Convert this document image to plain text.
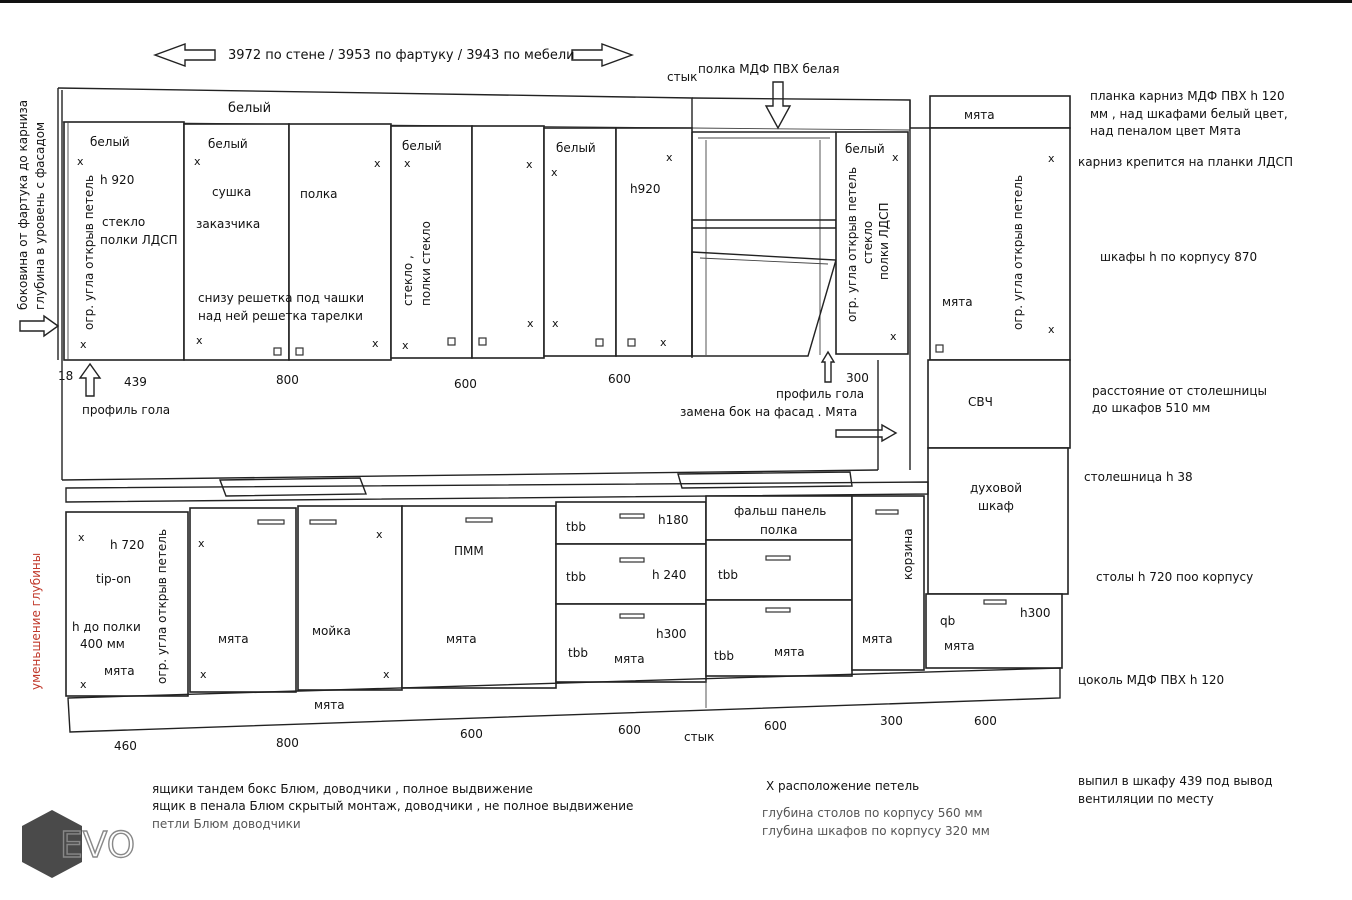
3972 по стене / 3953 по фартуку / 3943 по мебели
стык
полка МДФ ПВХ белая
боковина от фартука до карниза глубина в уровень с фасадом
уменьшение глубины
18
профиль гола
белый
белый
h 920
стекло
полки ЛДСП
огр. угла открыв петель
x
x
белый
сушка
заказчика
полка
снизу решетка под чашки
над ней решетка тарелки
x
x
x
x
белый
стекло , полки стекло
x
x
x
x
белый
h920
x
x
x
x
белый
огр. угла открыв петель стекло полки ЛДСП
x
x
мята
мята	огр. угла открыв петель
x
x
СВЧ
духовой
шкаф
qb
h300
мята
300
профиль гола
замена бок на фасад . Мята
439	800	600	600
h 720
tip-on
h до полки
400 мм
мята огр. угла открыв петель
x
x
мята
мойка
x
x
x
x
ПММ
мята
tbb	h180
tbb	h 240
tbb
h300
мята
фальш панель
полка
tbb
tbb	мята
корзина
мята
мята
460	800
600	600	стык
600	300	600
планка карниз МДФ ПВХ h 120
мм , над шкафами белый цвет,
над пеналом цвет Мята
карниз крепится на планки ЛДСП
шкафы h по корпусу 870
расстояние от столешницы
до шкафов 510 мм
столешница h 38
столы h 720 поо корпусу
цоколь МДФ ПВХ h 120
выпил в шкафу 439 под вывод
вентиляции по месту
ящики тандем бокс Блюм, доводчики , полное выдвижение
ящик в пенала Блюм скрытый монтаж, доводчики , не полное выдвижение
петли Блюм доводчики
Х расположение петель
глубина столов по корпусу 560 мм
глубина шкафов по корпусу 320 мм
EVO
